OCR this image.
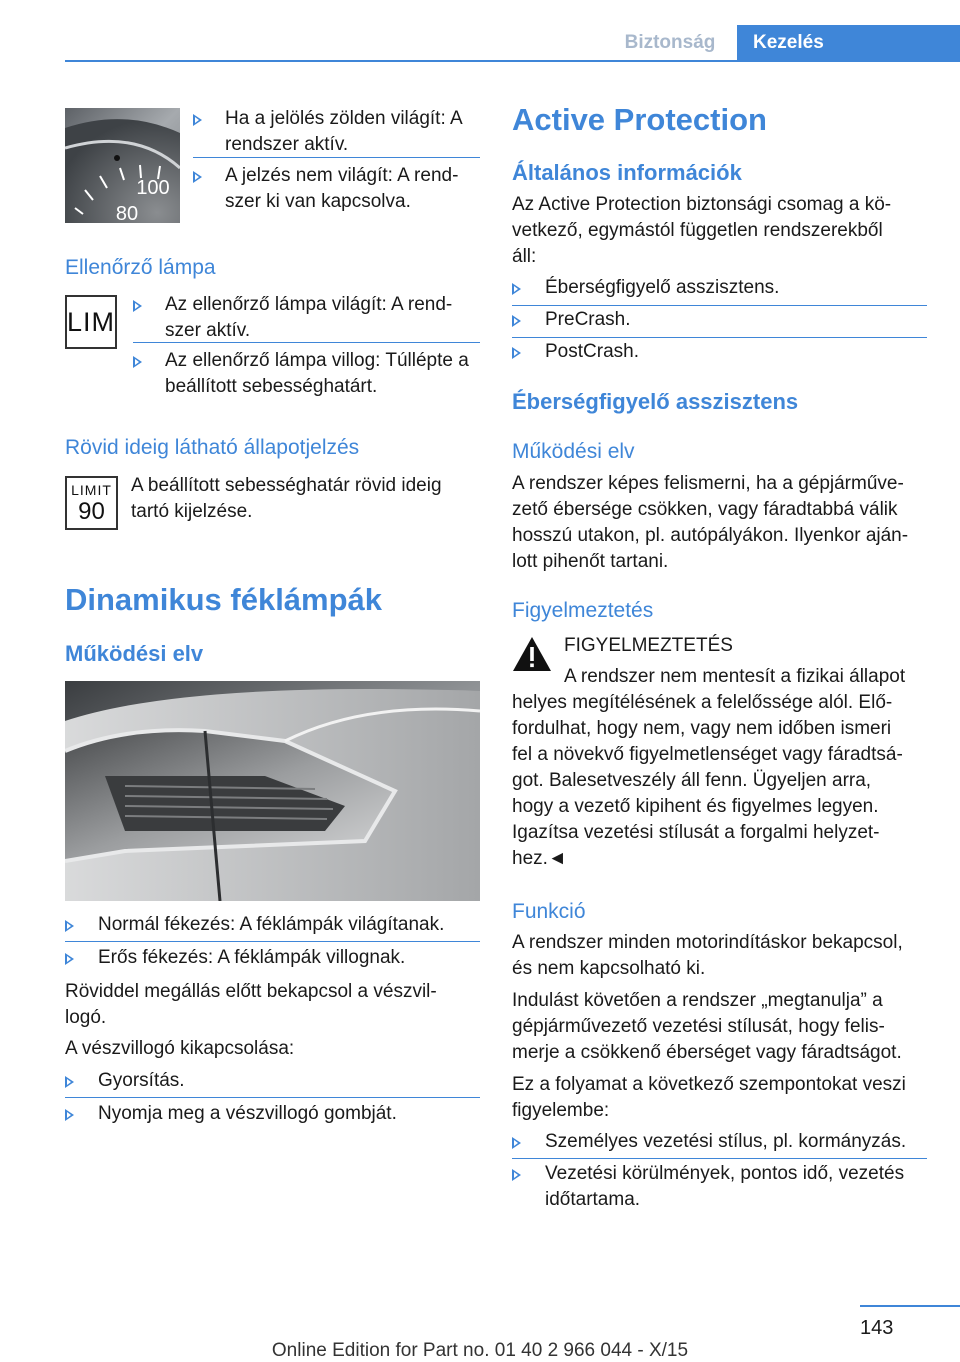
Biztonság	Kezelés
100
80
Ha a jelölés zölden világít: A
rendszer aktív.
A jelzés nem világít: A rend-
szer ki van kapcsolva.
Ellenőrző lámpa
LIM
Az ellenőrző lámpa világít: A rend-
szer aktív.
Az ellenőrző lámpa villog: Túllépte a
beállított sebességhatárt.
Rövid ideig látható állapotjelzés
LIMIT
90
A beállított sebességhatár rövid ideig
tartó kijelzése.
Dinamikus féklámpák
Működési elv
Normál fékezés: A féklámpák világítanak.
Erős fékezés: A féklámpák villognak.
Röviddel megállás előtt bekapcsol a vészvil-
logó.
A vészvillogó kikapcsolása:
Gyorsítás.
Nyomja meg a vészvillogó gombját.
Active Protection
Általános információk
Az Active Protection biztonsági csomag a kö-
vetkező, egymástól független rendszerekből
áll:
Éberségfigyelő asszisztens.
PreCrash.
PostCrash.
Éberségfigyelő asszisztens
Működési elv
A rendszer képes felismerni, ha a gépjárműve-
zető ébersége csökken, vagy fáradtabbá válik
hosszú utakon, pl. autópályákon. Ilyenkor aján-
lott pihenőt tartani.
Figyelmeztetés
FIGYELMEZTETÉS
A rendszer nem mentesít a fizikai állapot
helyes megítélésének a felelőssége alól. Elő-
fordulhat, hogy nem, vagy nem időben ismeri
fel a növekvő figyelmetlenséget vagy fáradtsá-
got. Balesetveszély áll fenn. Ügyeljen arra,
hogy a vezető kipihent és figyelmes legyen.
Igazítsa vezetési stílusát a forgalmi helyzet-
hez.◄
Funkció
A rendszer minden motorindításkor bekapcsol,
és nem kapcsolható ki.
Indulást követően a rendszer „megtanulja” a
gépjárművezető vezetési stílusát, hogy felis-
merje a csökkenő éberséget vagy fáradtságot.
Ez a folyamat a következő szempontokat veszi
figyelembe:
Személyes vezetési stílus, pl. kormányzás.
Vezetési körülmények, pontos idő, vezetés
időtartama.
143
Online Edition for Part no. 01 40 2 966 044 - X/15
